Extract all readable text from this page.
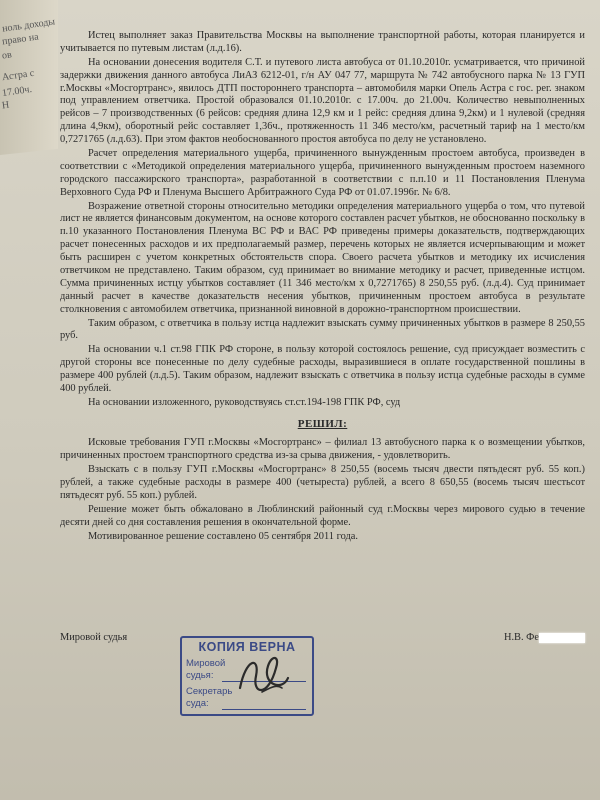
ноль доходы
право на
ов
Астра с
17.00ч.
Н

Истец выполняет заказ Правительства Москвы на выполнение транспортной работы, которая планируется и учитывается по путевым листам (л.д.16).

На основании донесения водителя С.Т. и путевого листа автобуса от 01.10.2010г. усматривается, что причиной задержки движения данного автобуса ЛиАЗ 6212-01, г/н АУ 047 77, маршрута № 742 автобусного парка № 13 ГУП г.Москвы «Мосгортранс», явилось ДТП постороннего транспорта – автомобиля марки Опель Астра с гос. рег. знаком под управлением ответчика. Простой образовался 01.10.2010г. с 17.00ч. до 21.00ч. Количество невыполненных рейсов – 7 производственных (6 рейсов: средняя длина 12,9 км и 1 рейс: средняя длина 9,2км) и 1 нулевой (средняя длина 4,9км), оборотный рейс составляет 1,36ч., протяженность 11 346 место/км, расчетный тариф на 1 место/км 0,7271765 (л.д.63). При этом фактов необоснованного простоя автобуса по делу не установлено.

Расчет определения материального ущерба, причиненного вынужденным простоем автобуса, произведен в соответствии с «Методикой определения материального ущерба, причиненного вынужденным простоем наземного городского пассажирского транспорта», разработанной в соответствии с п.п.10 и 11 Постановления Пленума Верховного Суда РФ и Пленума Высшего Арбитражного Суда РФ от 01.07.1996г. № 6/8.

Возражение ответной стороны относительно методики определения материального ущерба о том, что путевой лист не является финансовым документом, на основе которого составлен расчет убытков, не обоснованно поскольку в п.10 указанного Постановления Пленума ВС РФ и ВАС РФ приведены примеры доказательств, подтверждающих расчет понесенных расходов и их предполагаемый размер, перечень которых не является исчерпывающим и может быть расширен с учетом конкретных обстоятельств спора. Своего расчета убытков и методику их исчисления ответчиком не представлено. Таким образом, суд принимает во внимание методику и расчет, приведенные истцом. Сумма причиненных истцу убытков составляет (11 346 место/км х 0,7271765) 8 250,55 руб. (л.д.4). Суд принимает данный расчет в качестве доказательств несения убытков, причиненным простоем автобуса в результате столкновения с автомобилем ответчика, признанной виновной в дорожно-транспортном происшествии.

Таким образом, с ответчика в пользу истца надлежит взыскать сумму причиненных убытков в размере 8 250,55 руб.

На основании ч.1 ст.98 ГПК РФ стороне, в пользу которой состоялось решение, суд присуждает возместить с другой стороны все понесенные по делу судебные расходы, выразившиеся в оплате государственной пошлины в размере 400 рублей (л.д.5). Таким образом, надлежит взыскать с ответчика в пользу истца судебные расходы в сумме 400 рублей.

На основании изложенного, руководствуясь ст.ст.194-198 ГПК РФ, суд

РЕШИЛ:

Исковые требования ГУП г.Москвы «Мосгортранс» – филиал 13 автобусного парка к о возмещении убытков, причиненных простоем транспортного средства из-за срыва движения, - удовлетворить.

Взыскать с в пользу ГУП г.Москвы «Мосгортранс» 8 250,55 (восемь тысяч двести пятьдесят руб. 55 коп.) рублей, а также судебные расходы в размере 400 (четыреста) рублей, а всего 8 650,55 (восемь тысяч шестьсот пятьдесят руб. 55 коп.) рублей.

Решение может быть обжаловано в Люблинский районный суд г.Москвы через мирового судью в течение десяти дней со дня составления решения в окончательной форме.

Мотивированное решение составлено 05 сентября 2011 года.

Мировой судья	Н.В. Фе
КОПИЯ ВЕРНА
Мировой
судья:
Секретарь
суда:
